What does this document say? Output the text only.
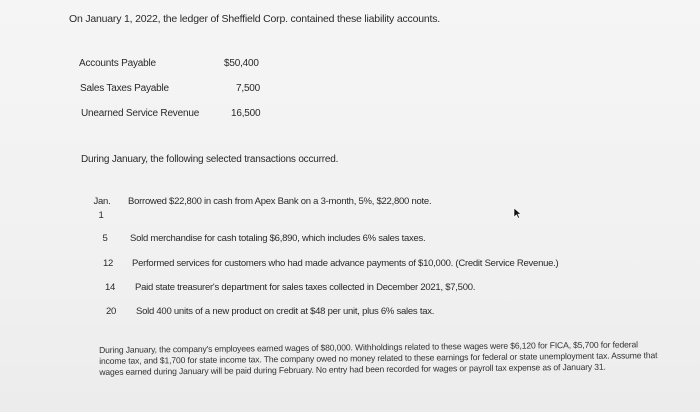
On January 1, 2022, the ledger of Sheffield Corp. contained these liability accounts.
Accounts Payable	$50,400
Sales Taxes Payable	7,500
Unearned Service Revenue	16,500
During January, the following selected transactions occurred.
Jan.
1
Borrowed $22,800 in cash from Apex Bank on a 3-month, 5%, $22,800 note.
5 Sold merchandise for cash totaling $6,890, which includes 6% sales taxes.
12 Performed services for customers who had made advance payments of $10,000. (Credit Service Revenue.)
14 Paid state treasurer's department for sales taxes collected in December 2021, $7,500.
20 Sold 400 units of a new product on credit at $48 per unit, plus 6% sales tax.
During January, the company's employees earned wages of $80,000. Withholdings related to these wages were $6,120 for FICA, $5,700 for federal income tax, and $1,700 for state income tax. The company owed no money related to these earnings for federal or state unemployment tax. Assume that wages earned during January will be paid during February. No entry had been recorded for wages or payroll tax expense as of January 31.
